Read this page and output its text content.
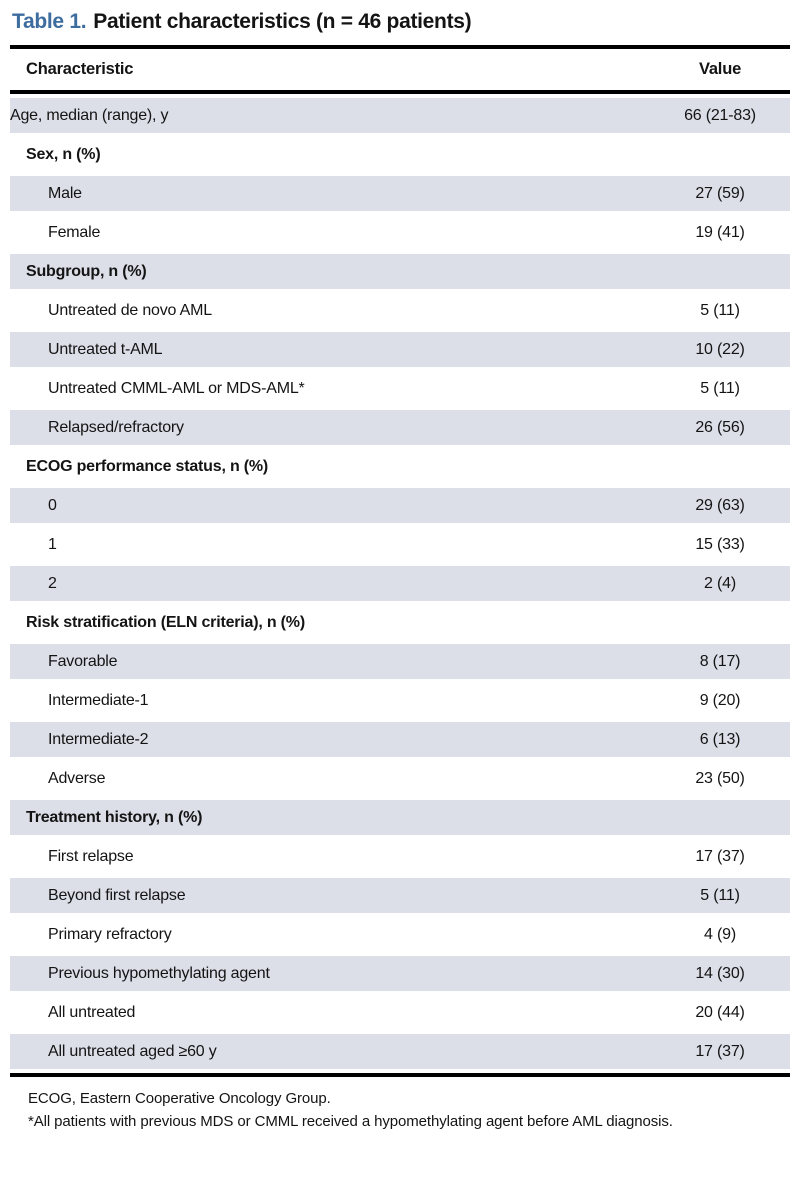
Table 1. Patient characteristics (n = 46 patients)
Characteristic	Value
Age, median (range), y	66 (21-83)
Sex, n (%)	
Male	27 (59)
Female	19 (41)
Subgroup, n (%)	
Untreated de novo AML	5 (11)
Untreated t-AML	10 (22)
Untreated CMML-AML or MDS-AML*	5 (11)
Relapsed/refractory	26 (56)
ECOG performance status, n (%)	
0	29 (63)
1	15 (33)
2	2 (4)
Risk stratification (ELN criteria), n (%)	
Favorable	8 (17)
Intermediate-1	9 (20)
Intermediate-2	6 (13)
Adverse	23 (50)
Treatment history, n (%)	
First relapse	17 (37)
Beyond first relapse	5 (11)
Primary refractory	4 (9)
Previous hypomethylating agent	14 (30)
All untreated	20 (44)
All untreated aged ≥60 y	17 (37)

ECOG, Eastern Cooperative Oncology Group.

*All patients with previous MDS or CMML received a hypomethylating agent before AML diagnosis.
